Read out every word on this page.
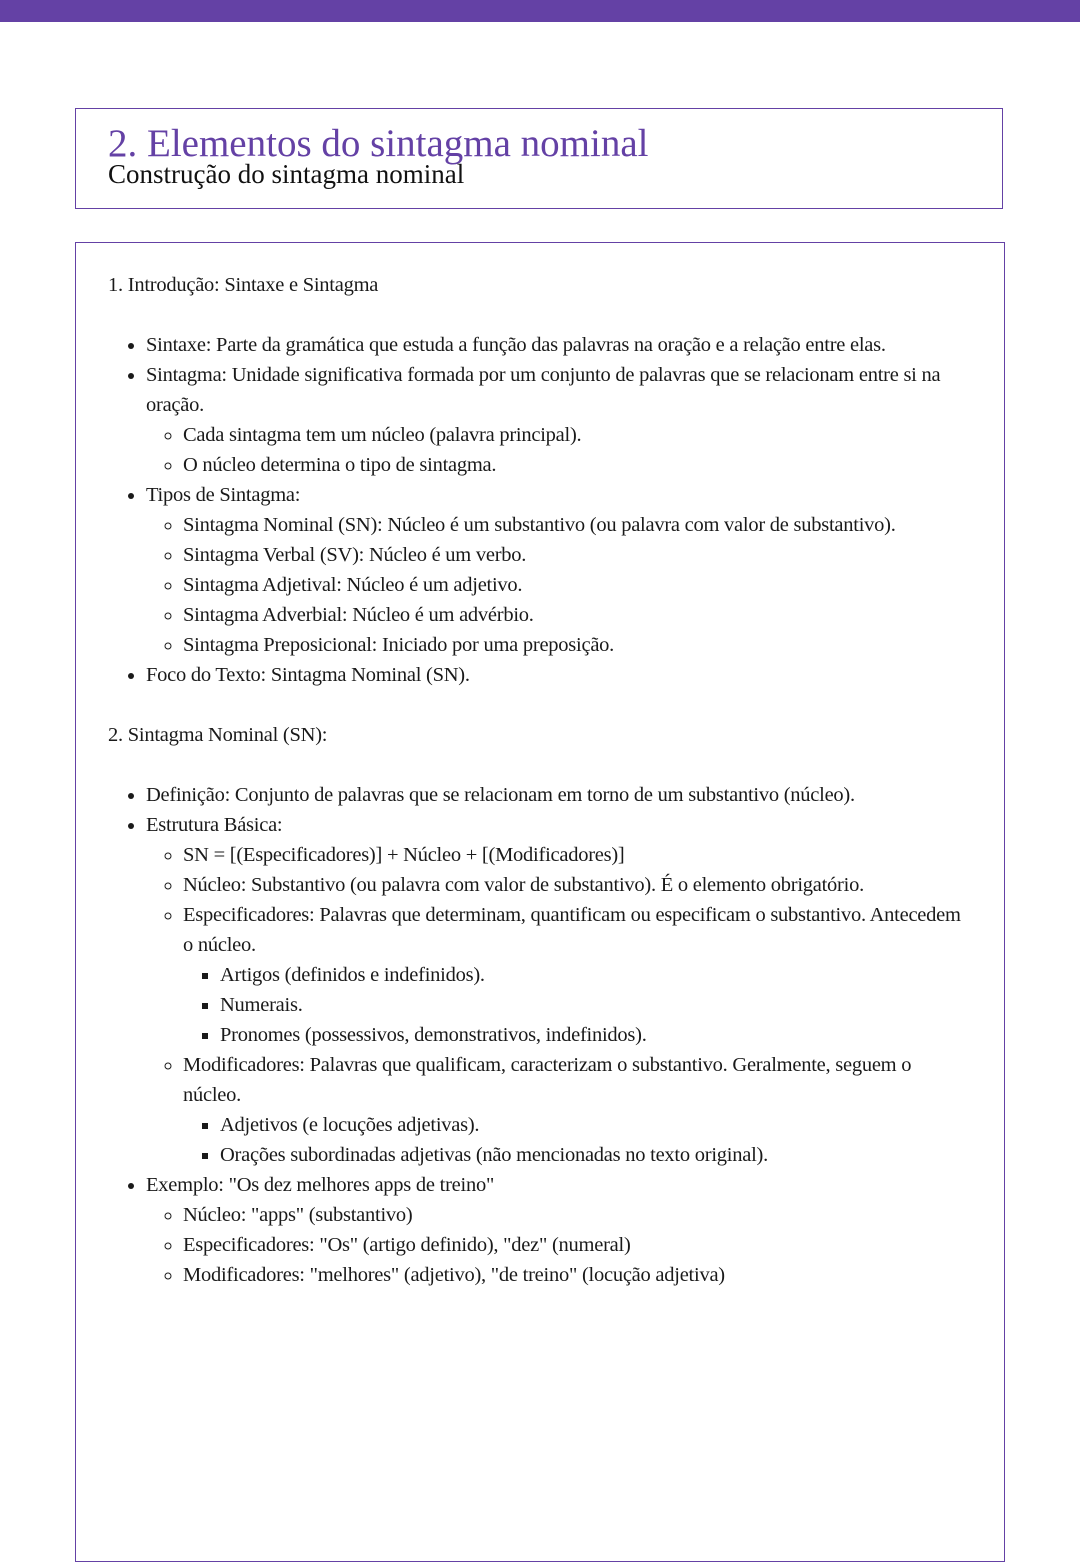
2. Elementos do sintagma nominal
Construção do sintagma nominal
1. Introdução: Sintaxe e Sintagma
• Sintaxe: Parte da gramática que estuda a função das palavras na oração e a relação entre elas.
• Sintagma: Unidade significativa formada por um conjunto de palavras que se relacionam entre si na oração.
◦ Cada sintagma tem um núcleo (palavra principal).
◦ O núcleo determina o tipo de sintagma.
• Tipos de Sintagma:
◦ Sintagma Nominal (SN): Núcleo é um substantivo (ou palavra com valor de substantivo).
◦ Sintagma Verbal (SV): Núcleo é um verbo.
◦ Sintagma Adjetival: Núcleo é um adjetivo.
◦ Sintagma Adverbial: Núcleo é um advérbio.
◦ Sintagma Preposicional: Iniciado por uma preposição.
• Foco do Texto: Sintagma Nominal (SN).
2. Sintagma Nominal (SN):
• Definição: Conjunto de palavras que se relacionam em torno de um substantivo (núcleo).
• Estrutura Básica:
◦ SN = [(Especificadores)] + Núcleo + [(Modificadores)]
◦ Núcleo: Substantivo (ou palavra com valor de substantivo). É o elemento obrigatório.
◦ Especificadores: Palavras que determinam, quantificam ou especificam o substantivo. Antecedem o núcleo.
▪ Artigos (definidos e indefinidos).
▪ Numerais.
▪ Pronomes (possessivos, demonstrativos, indefinidos).
◦ Modificadores: Palavras que qualificam, caracterizam o substantivo. Geralmente, seguem o núcleo.
▪ Adjetivos (e locuções adjetivas).
▪ Orações subordinadas adjetivas (não mencionadas no texto original).
• Exemplo: "Os dez melhores apps de treino"
◦ Núcleo: "apps" (substantivo)
◦ Especificadores: "Os" (artigo definido), "dez" (numeral)
◦ Modificadores: "melhores" (adjetivo), "de treino" (locução adjetiva)
